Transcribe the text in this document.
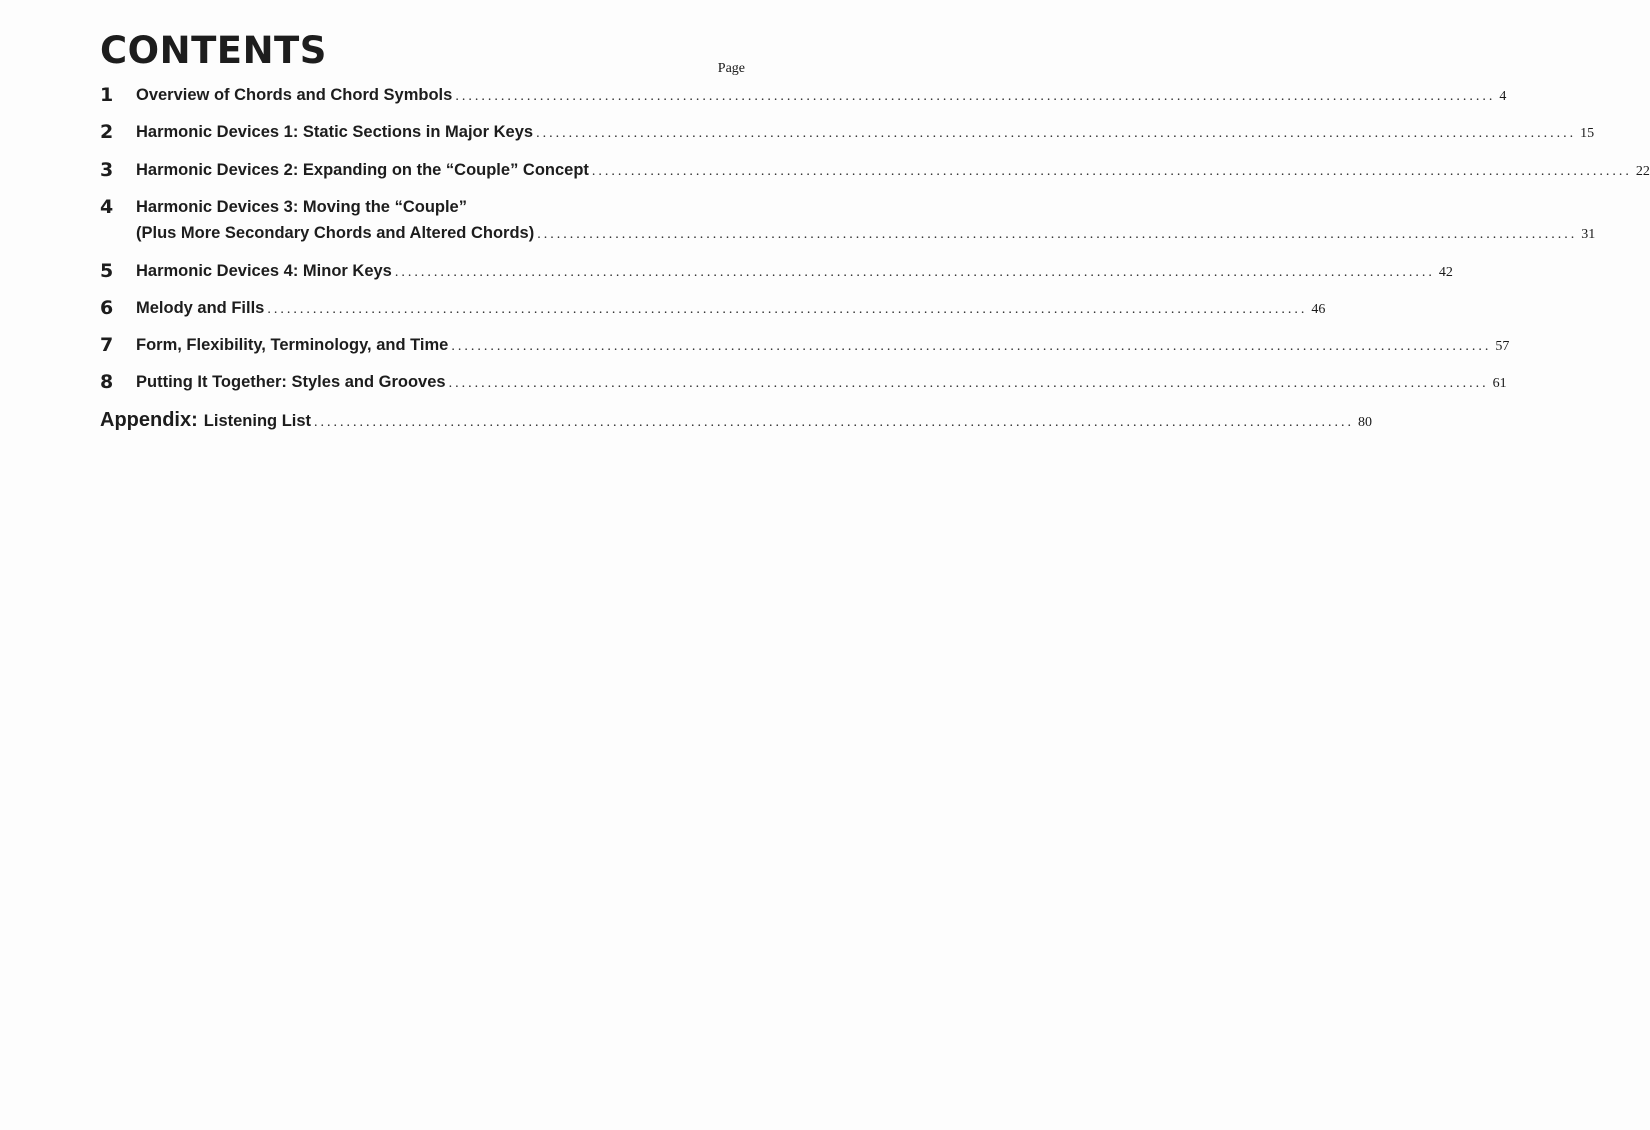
CONTENTS	Page
1 Overview of Chords and Chord Symbols ................................................................................................................................................................ 4
2 Harmonic Devices 1: Static Sections in Major Keys ................................................................................................................................................................ 15
3 Harmonic Devices 2: Expanding on the “Couple” Concept ................................................................................................................................................................ 22
4 Harmonic Devices 3: Moving the “Couple”
(Plus More Secondary Chords and Altered Chords) ................................................................................................................................................................ 31
5 Harmonic Devices 4: Minor Keys ................................................................................................................................................................ 42
6 Melody and Fills ................................................................................................................................................................ 46
7 Form, Flexibility, Terminology, and Time ................................................................................................................................................................ 57
8 Putting It Together: Styles and Grooves ................................................................................................................................................................ 61
Appendix: Listening List ................................................................................................................................................................ 80
